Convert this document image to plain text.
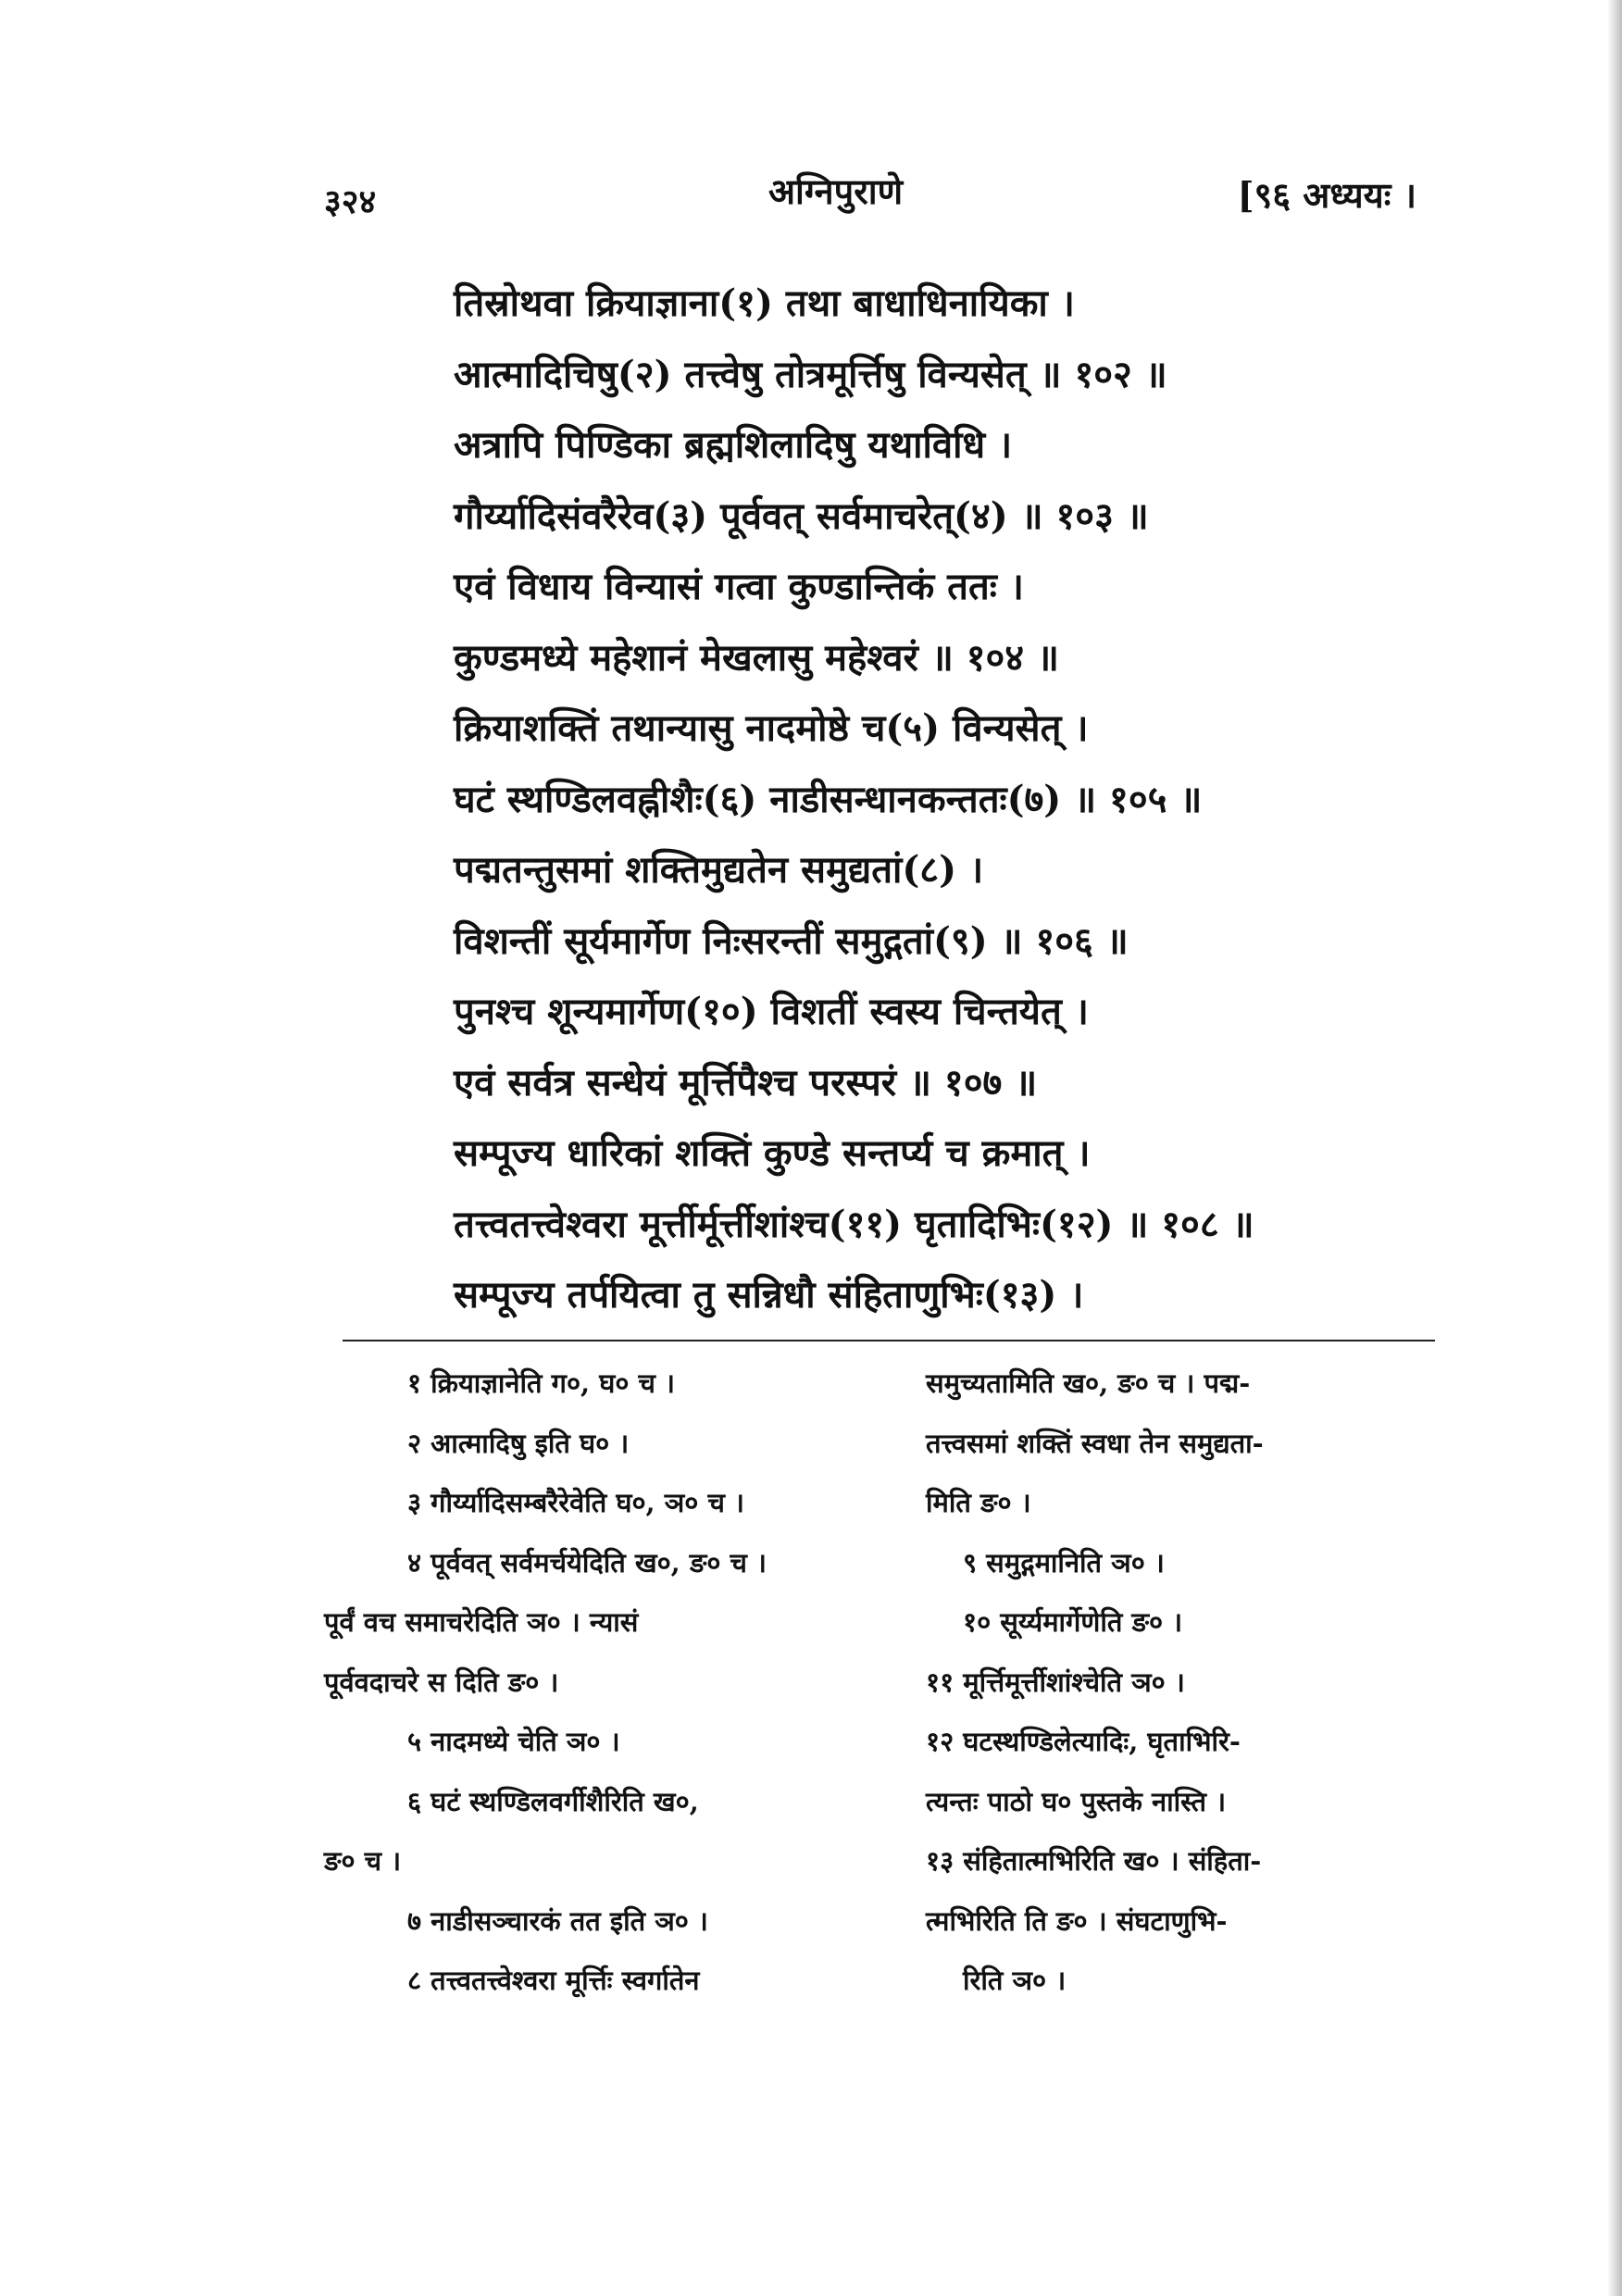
३२४	अग्निपुराणे	[९६ अध्ययः ।
तिस्रोथवा क्रियाज्ञाना(१) तथा बाधाधिनायिका ।
आत्मादिचिषु(२) तत्त्वेषु तोत्रमूर्त्तिषु विन्यसेत् ॥ १०२ ॥
अत्रापि पिण्डिका ब्रह्मशिलादिषु यथाविधि ।
गौर्य्यादिसंवरैरेव(३) पूर्ववत् सर्वमाचरेत्(४) ॥ १०३ ॥
एवं विधाय विन्यासं गत्वा कुण्डान्तिकं ततः ।
कुण्डमध्ये महेशानं मेखलासु महेश्वरं ॥ १०४ ॥
क्रियाशक्तिं तथान्यासु नादमोष्ठे च(५) विन्यसेत् ।
घटं स्थण्डिलवह्नीशैः(६) नाडीसन्धानकन्ततः(७) ॥ १०५ ॥
पद्मतन्तुसमां शक्तिमुद्यतेन समुद्यतां(८) ।
विशन्तीं सूर्यमार्गेण निःसरन्तीं समुद्गतां(९) ॥ १०६ ॥
पुनश्च शून्यमार्गेण(१०) विशतीं स्वस्य चिन्तयेत् ।
एवं सर्वत्र सन्धेयं मूर्त्तिपैश्च परस्परं ॥ १०७ ॥
सम्पूज्य धारिकां शक्तिं कुण्डे सन्तर्प्य च क्रमात् ।
तत्त्वतत्त्वेश्वरा मूर्त्तीर्मूर्त्तीशांश्च(११) घृतादिभिः(१२) ॥ १०८ ॥
सम्पूज्य तर्पयित्वा तु सन्निधौ संहिताणुभिः(१३) ।
१ क्रियाज्ञानेति ग०, घ० च ।
२ आत्मादिषु इति घ० ।
३ गौर्य्यादिसम्बरैरेवेति घ०, ञ० च ।
४ पूर्ववत् सर्वमर्चयेदिति ख०, ङ० च ।
पूर्वं वच समाचरेदिति ञ० । न्यासं
पूर्ववदाचरे स दिति ङ० ।
५ नादमध्ये चेति ञ० ।
६ घटं स्थण्डिलवर्गीशैरिति ख०,
ङ० च ।
७ नाडीसञ्चारकं तत इति ञ० ।
८ तत्त्वतत्त्वेश्वरा मूर्त्तिः स्वर्गातेन
समुच्यतामिति ख०, ङ० च । पद्म-
तत्त्वसमां शक्तिं स्वधा तेन समुद्यता-
मिति ङ० ।
९ समुद्गमानिति ञ० ।
१० सूर्य्यमार्गेणेति ङ० ।
११ मूर्त्तिमूर्त्तीशांश्चेति ञ० ।
१२ घटस्थण्डिलेत्यादिः, घृताभिरि-
त्यन्तः पाठो घ० पुस्तके नास्ति ।
१३ संहितात्मभिरिति ख० । संहिता-
त्मभिरिति ति ङ० । संघटाणुभि-
रिति ञ० ।
